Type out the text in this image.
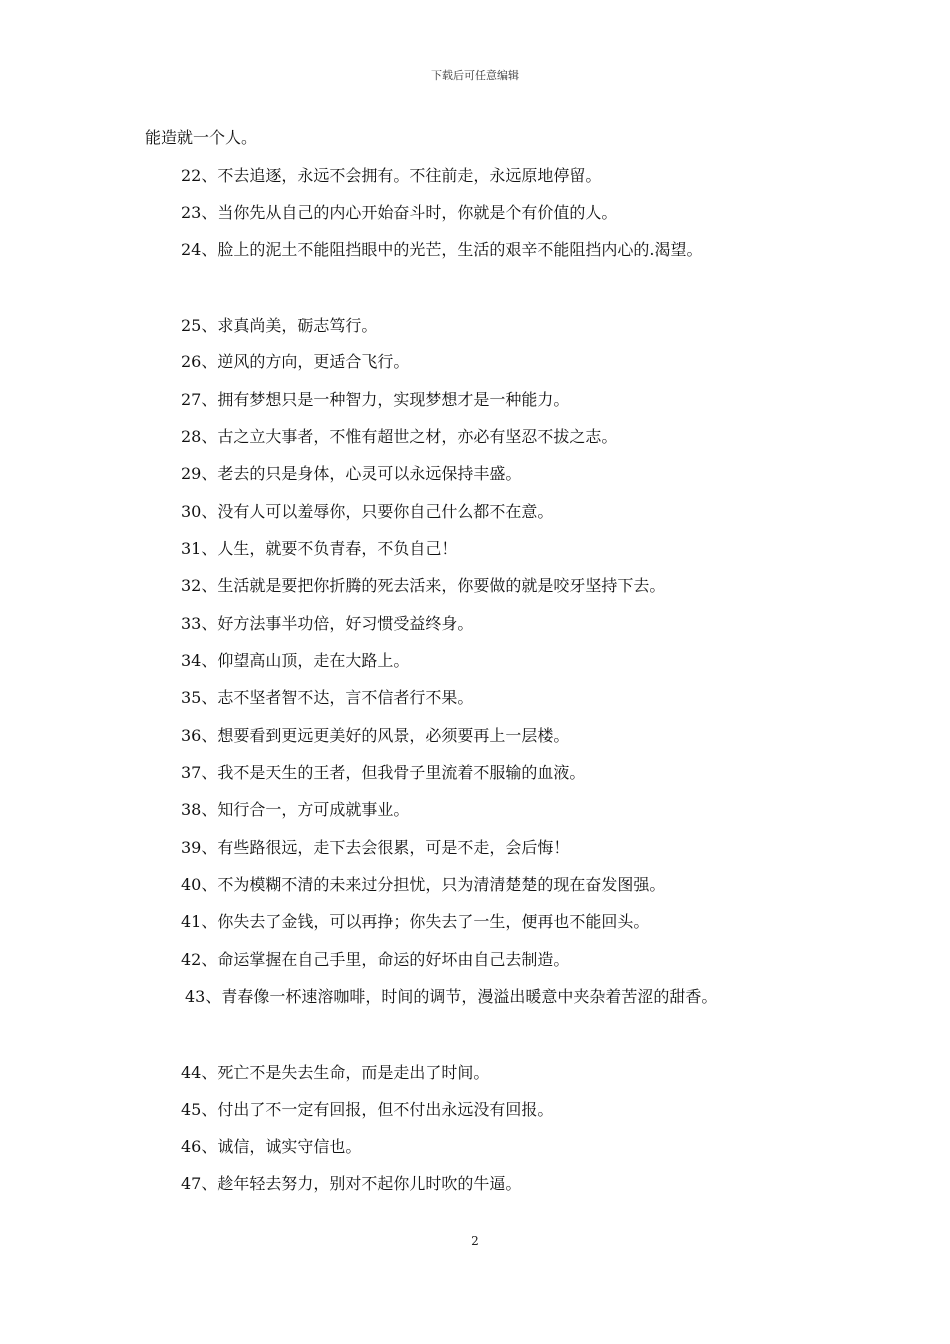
下载后可任意编辑
能造就一个人。
22、不去追逐，永远不会拥有。不往前走，永远原地停留。
23、当你先从自己的内心开始奋斗时，你就是个有价值的人。
24、脸上的泥土不能阻挡眼中的光芒，生活的艰辛不能阻挡内心的.渴望。
25、求真尚美，砺志笃行。
26、逆风的方向，更适合飞行。
27、拥有梦想只是一种智力，实现梦想才是一种能力。
28、古之立大事者，不惟有超世之材，亦必有坚忍不拔之志。
29、老去的只是身体，心灵可以永远保持丰盛。
30、没有人可以羞辱你，只要你自己什么都不在意。
31、人生，就要不负青春，不负自己！
32、生活就是要把你折腾的死去活来，你要做的就是咬牙坚持下去。
33、好方法事半功倍，好习惯受益终身。
34、仰望高山顶，走在大路上。
35、志不坚者智不达，言不信者行不果。
36、想要看到更远更美好的风景，必须要再上一层楼。
37、我不是天生的王者，但我骨子里流着不服输的血液。
38、知行合一，方可成就事业。
39、有些路很远，走下去会很累，可是不走，会后悔！
40、不为模糊不清的未来过分担忧，只为清清楚楚的现在奋发图强。
41、你失去了金钱，可以再挣；你失去了一生，便再也不能回头。
42、命运掌握在自己手里，命运的好坏由自己去制造。
43、青春像一杯速溶咖啡，时间的调节，漫溢出暖意中夹杂着苦涩的甜香。
44、死亡不是失去生命，而是走出了时间。
45、付出了不一定有回报，但不付出永远没有回报。
46、诚信，诚实守信也。
47、趁年轻去努力，别对不起你儿时吹的牛逼。
2
